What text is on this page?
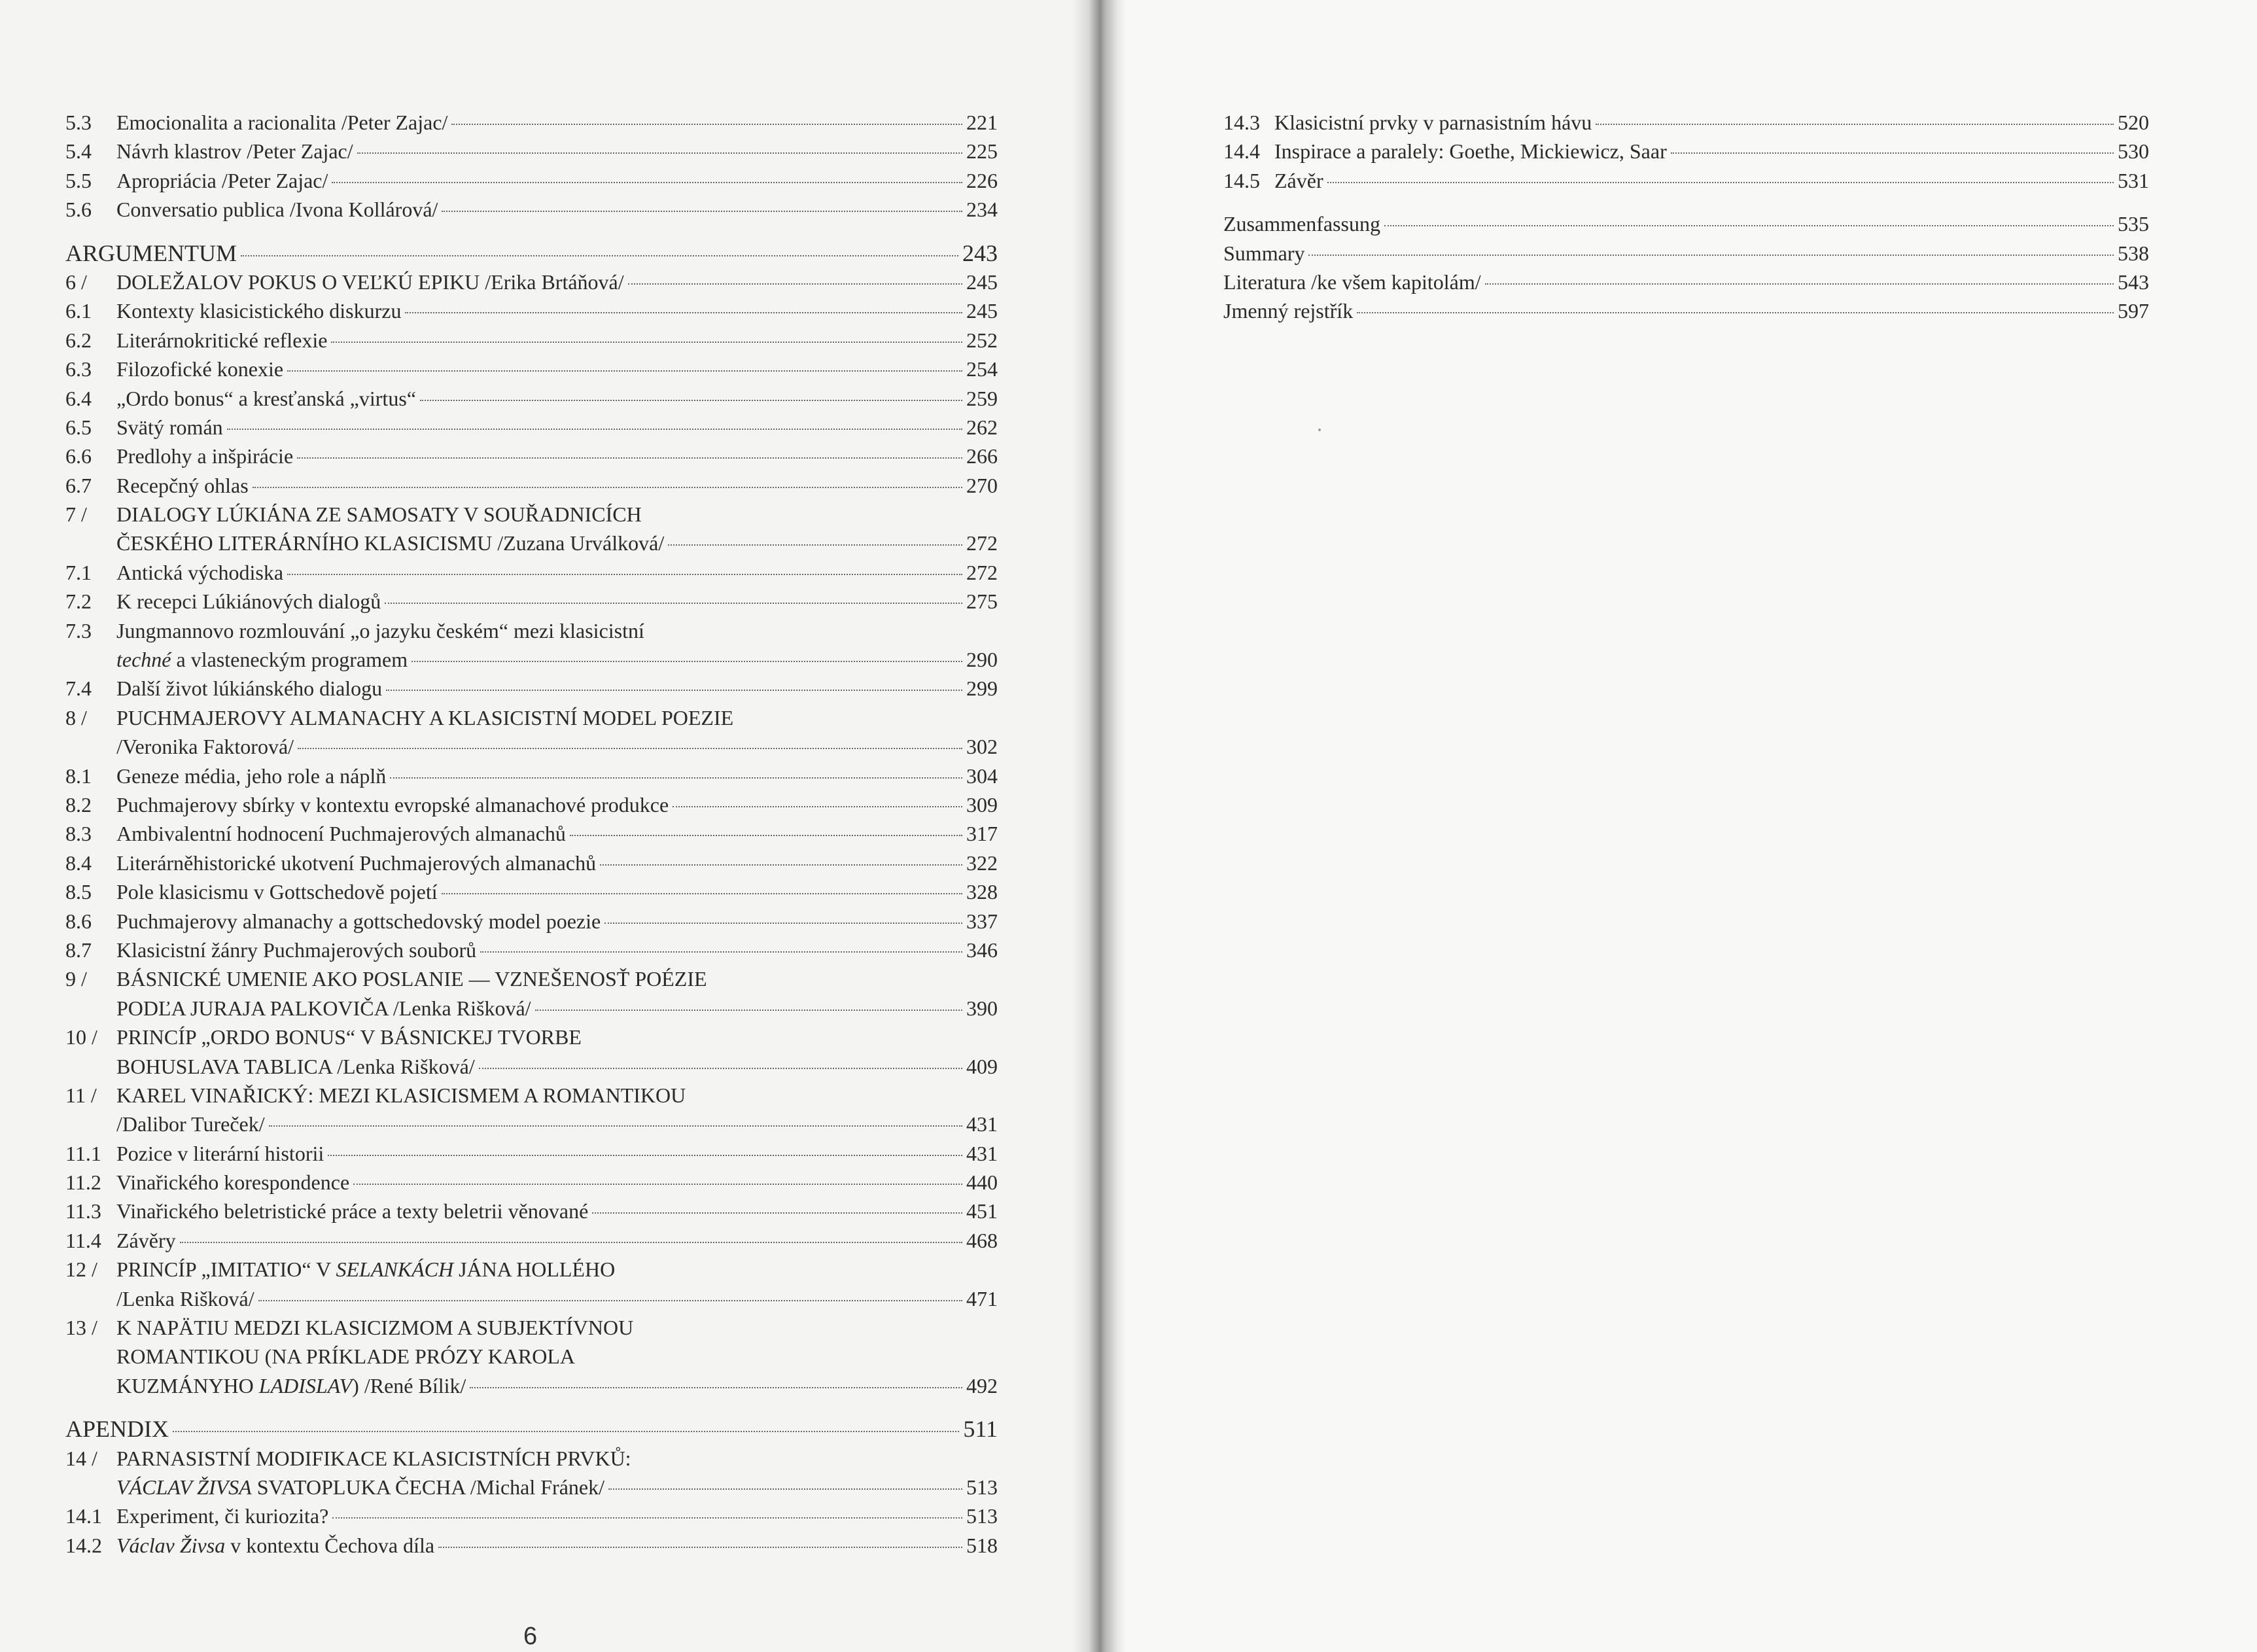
5.3 Emocionalita a racionalita /Peter Zajac/	221
5.4 Návrh klastrov /Peter Zajac/	225
5.5 Apropriácia /Peter Zajac/	226
5.6 Conversatio publica /Ivona Kollárová/	234
ARGUMENTUM	243
6 / DOLEŽALOV POKUS O VEĽKÚ EPIKU /Erika Brtáňová/	245
6.1 Kontexty klasicistického diskurzu	245
6.2 Literárnokritické reflexie	252
6.3 Filozofické konexie	254
6.4 „Ordo bonus“ a kresťanská „virtus“	259
6.5 Svätý román	262
6.6 Predlohy a inšpirácie	266
6.7 Recepčný ohlas	270
7 / DIALOGY LÚKIÁNA ZE SAMOSATY V SOUŘADNICÍCH
ČESKÉHO LITERÁRNÍHO KLASICISMU /Zuzana Urválková/	272
7.1 Antická východiska	272
7.2 K recepci Lúkiánových dialogů	275
7.3 Jungmannovo rozmlouvání „o jazyku českém“ mezi klasicistní
techné a vlasteneckým programem	290
7.4 Další život lúkiánského dialogu	299
8 / PUCHMAJEROVY ALMANACHY A KLASICISTNÍ MODEL POEZIE
/Veronika Faktorová/	302
8.1 Geneze média, jeho role a náplň	304
8.2 Puchmajerovy sbírky v kontextu evropské almanachové produkce	309
8.3 Ambivalentní hodnocení Puchmajerových almanachů	317
8.4 Literárněhistorické ukotvení Puchmajerových almanachů	322
8.5 Pole klasicismu v Gottschedově pojetí	328
8.6 Puchmajerovy almanachy a gottschedovský model poezie	337
8.7 Klasicistní žánry Puchmajerových souborů	346
9 / BÁSNICKÉ UMENIE AKO POSLANIE — VZNEŠENOSŤ POÉZIE
PODĽA JURAJA PALKOVIČA /Lenka Rišková/	390
10 / PRINCÍP „ORDO BONUS“ V BÁSNICKEJ TVORBE
BOHUSLAVA TABLICA /Lenka Rišková/	409
11 / KAREL VINAŘICKÝ: MEZI KLASICISMEM A ROMANTIKOU
/Dalibor Tureček/	431
11.1 Pozice v literární historii	431
11.2 Vinařického korespondence	440
11.3 Vinařického beletristické práce a texty beletrii věnované	451
11.4 Závěry	468
12 / PRINCÍP „IMITATIO“ V SELANKÁCH JÁNA HOLLÉHO
/Lenka Rišková/	471
13 / K NAPÄTIU MEDZI KLASICIZMOM A SUBJEKTÍVNOU
ROMANTIKOU (NA PRÍKLADE PRÓZY KAROLA
KUZMÁNYHO LADISLAV) /René Bílik/	492
APENDIX	511
14 / PARNASISTNÍ MODIFIKACE KLASICISTNÍCH PRVKŮ:
VÁCLAV ŽIVSA SVATOPLUKA ČECHA /Michal Fránek/	513
14.1 Experiment, či kuriozita?	513
14.2 Václav Živsa v kontextu Čechova díla	518
14.3 Klasicistní prvky v parnasistním hávu	520
14.4 Inspirace a paralely: Goethe, Mickiewicz, Saar	530
14.5 Závěr	531
Zusammenfassung	535
Summary	538
Literatura /ke všem kapitolám/	543
Jmenný rejstřík	597
6
